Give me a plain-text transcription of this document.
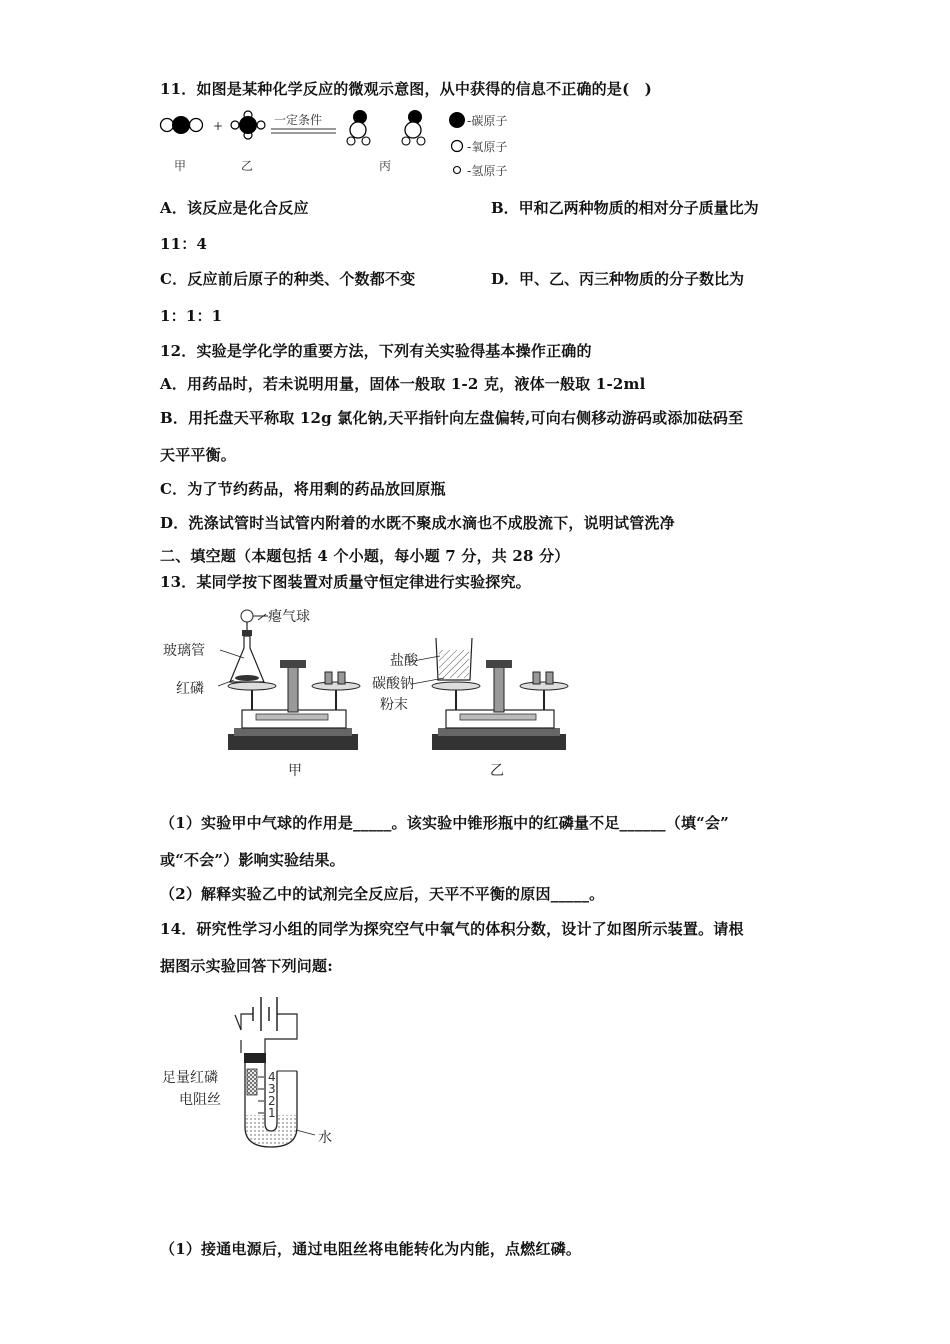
11．如图是某种化学反应的微观示意图，从中获得的信息不正确的是(　)
+	一定条件	-碳原子
-氧原子
-氢原子
甲	乙	丙
A．该反应是化合反应	B．甲和乙两种物质的相对分子质量比为
11：4
C．反应前后原子的种类、个数都不变	D．甲、乙、丙三种物质的分子数比为
1：1：1
12．实验是学化学的重要方法，下列有关实验得基本操作正确的
A．用药品时，若未说明用量，固体一般取 1-2 克，液体一般取 1-2ml
B．用托盘天平称取 12g 氯化钠,天平指针向左盘偏转,可向右侧移动游码或添加砝码至
天平平衡。
C．为了节约药品，将用剩的药品放回原瓶
D．洗涤试管时当试管内附着的水既不聚成水滴也不成股流下，说明试管洗净
二、填空题（本题包括 4 个小题，每小题 7 分，共 28 分）
13．某同学按下图装置对质量守恒定律进行实验探究。
瘪气球
玻璃管
红磷
盐酸
碳酸钠
粉末
甲	乙
（1）实验甲中气球的作用是_____。该实验中锥形瓶中的红磷量不足______（填“会”
或“不会”）影响实验结果。
（2）解释实验乙中的试剂完全反应后，天平不平衡的原因_____。
14．研究性学习小组的同学为探究空气中氧气的体积分数，设计了如图所示装置。请根
据图示实验回答下列问题:
4
3
2
1
足量红磷
电阻丝
水
（1）接通电源后，通过电阻丝将电能转化为内能，点燃红磷。
